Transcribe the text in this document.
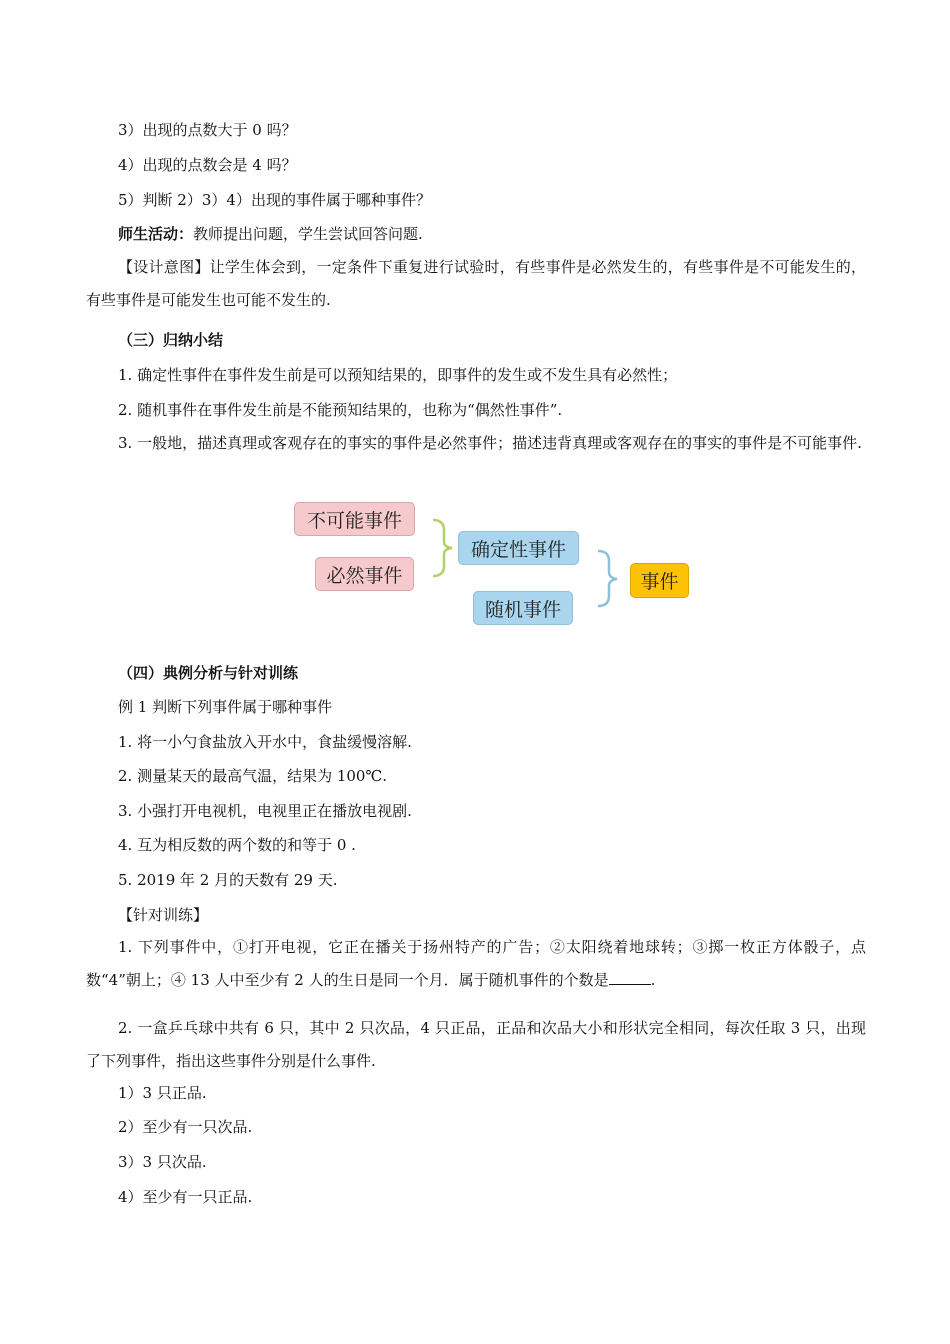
3）出现的点数大于 0 吗？
4）出现的点数会是 4 吗？
5）判断 2）3）4）出现的事件属于哪种事件？
师生活动：教师提出问题，学生尝试回答问题.
【设计意图】让学生体会到，一定条件下重复进行试验时，有些事件是必然发生的，有些事件是不可能发生的，有些事件是可能发生也可能不发生的.
（三）归纳小结
1. 确定性事件在事件发生前是可以预知结果的，即事件的发生或不发生具有必然性；
2. 随机事件在事件发生前是不能预知结果的，也称为“偶然性事件”.
3. 一般地，描述真理或客观存在的事实的事件是必然事件；描述违背真理或客观存在的事实的事件是不可能事件.
不可能事件
必然事件
确定性事件
随机事件
事件
（四）典例分析与针对训练
例 1 判断下列事件属于哪种事件
1. 将一小勺食盐放入开水中，食盐缓慢溶解.
2. 测量某天的最高气温，结果为 100℃.
3. 小强打开电视机，电视里正在播放电视剧.
4. 互为相反数的两个数的和等于 0 .
5. 2019 年 2 月的天数有 29 天.
【针对训练】
1. 下列事件中，①打开电视，它正在播关于扬州特产的广告；②太阳绕着地球转；③掷一枚正方体骰子，点数“4”朝上；④ 13 人中至少有 2 人的生日是同一个月．属于随机事件的个数是	.
2. 一盒乒乓球中共有 6 只，其中 2 只次品，4 只正品，正品和次品大小和形状完全相同，每次任取 3 只，出现了下列事件，指出这些事件分别是什么事件.
1）3 只正品.
2）至少有一只次品.
3）3 只次品.
4）至少有一只正品.
